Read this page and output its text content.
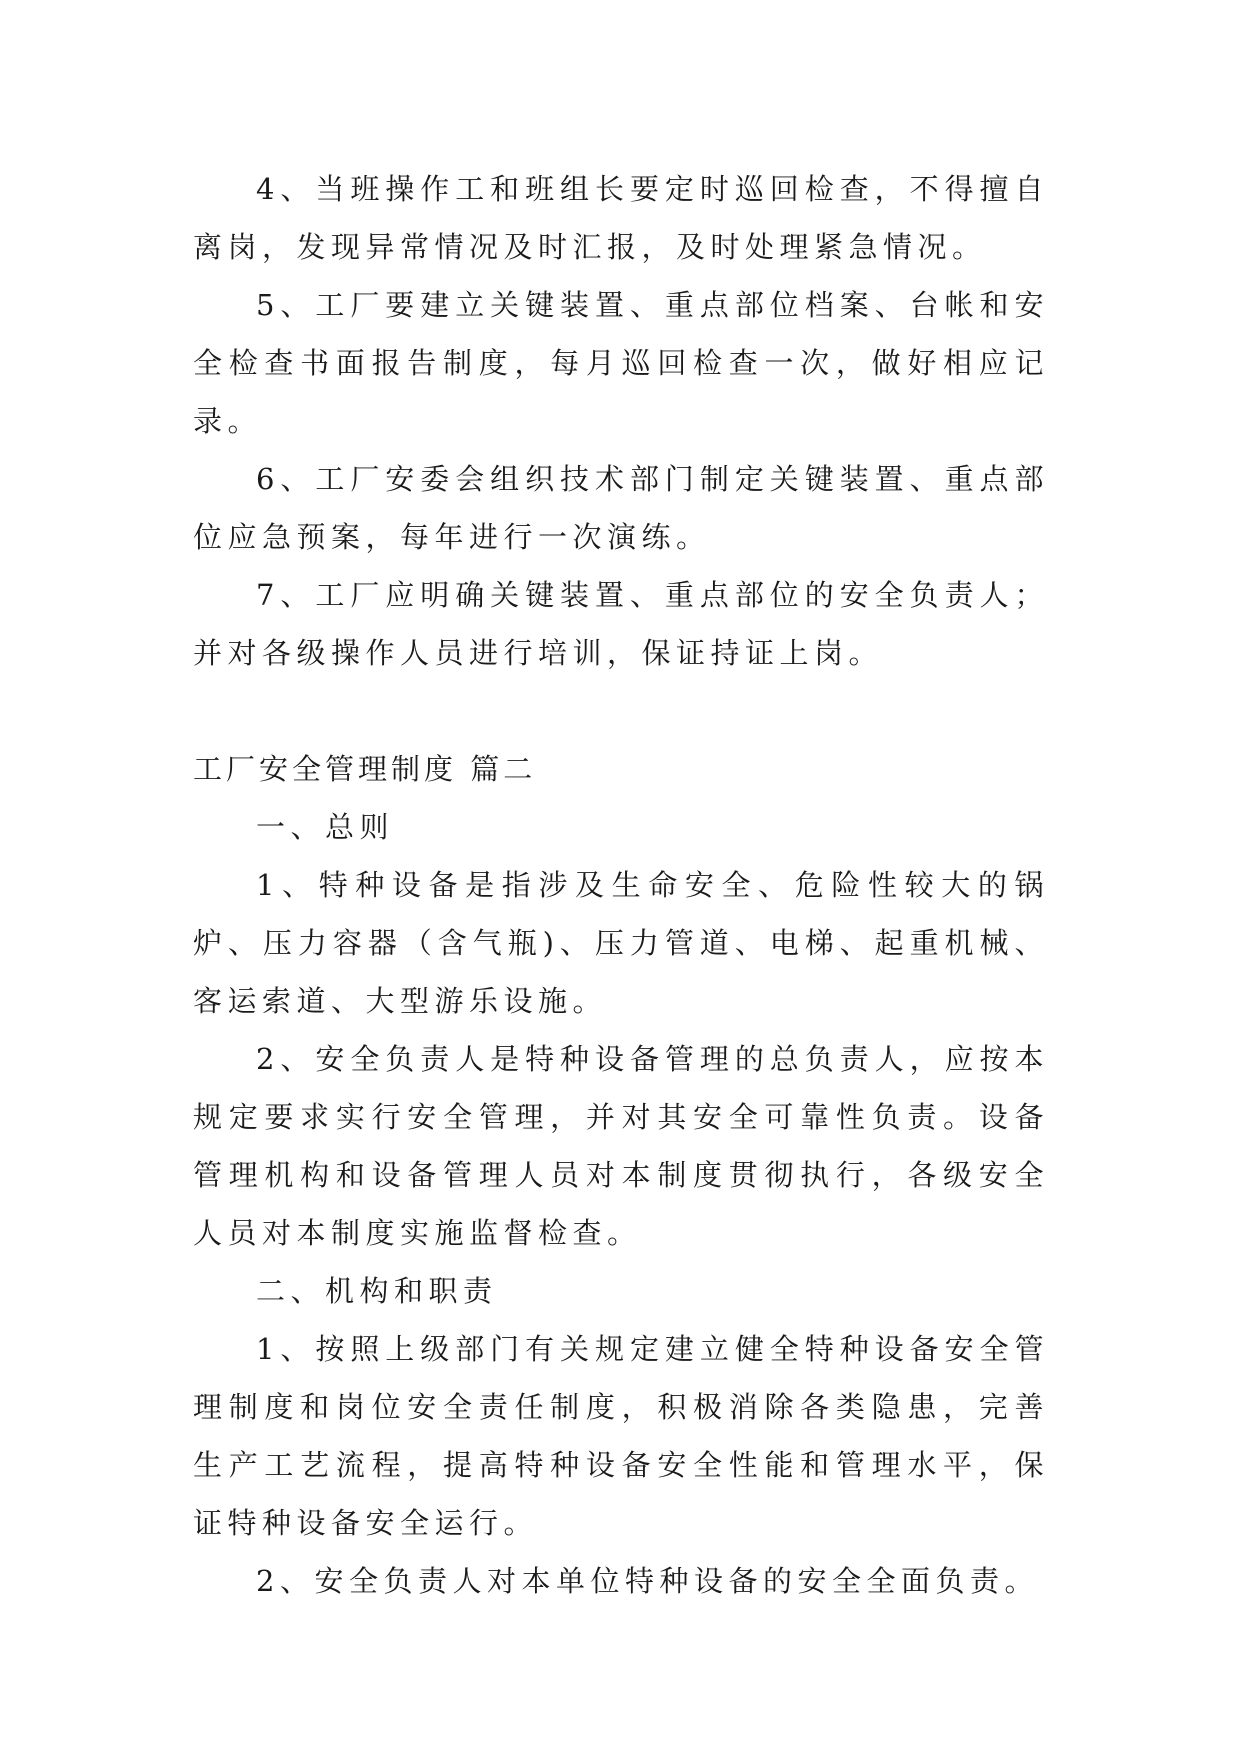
4、当班操作工和班组长要定时巡回检查，不得擅自离岗，发现异常情况及时汇报，及时处理紧急情况。

5、工厂要建立关键装置、重点部位档案、台帐和安全检查书面报告制度，每月巡回检查一次，做好相应记录。

6、工厂安委会组织技术部门制定关键装置、重点部位应急预案，每年进行一次演练。

7、工厂应明确关键装置、重点部位的安全负责人；并对各级操作人员进行培训，保证持证上岗。

工厂安全管理制度 篇二

一、总则

1、特种设备是指涉及生命安全、危险性较大的锅炉、压力容器（含气瓶)、压力管道、电梯、起重机械、客运索道、大型游乐设施。

2、安全负责人是特种设备管理的总负责人，应按本规定要求实行安全管理，并对其安全可靠性负责。设备管理机构和设备管理人员对本制度贯彻执行，各级安全人员对本制度实施监督检查。

二、机构和职责

1、按照上级部门有关规定建立健全特种设备安全管理制度和岗位安全责任制度，积极消除各类隐患，完善生产工艺流程，提高特种设备安全性能和管理水平，保证特种设备安全运行。

2、安全负责人对本单位特种设备的安全全面负责。
